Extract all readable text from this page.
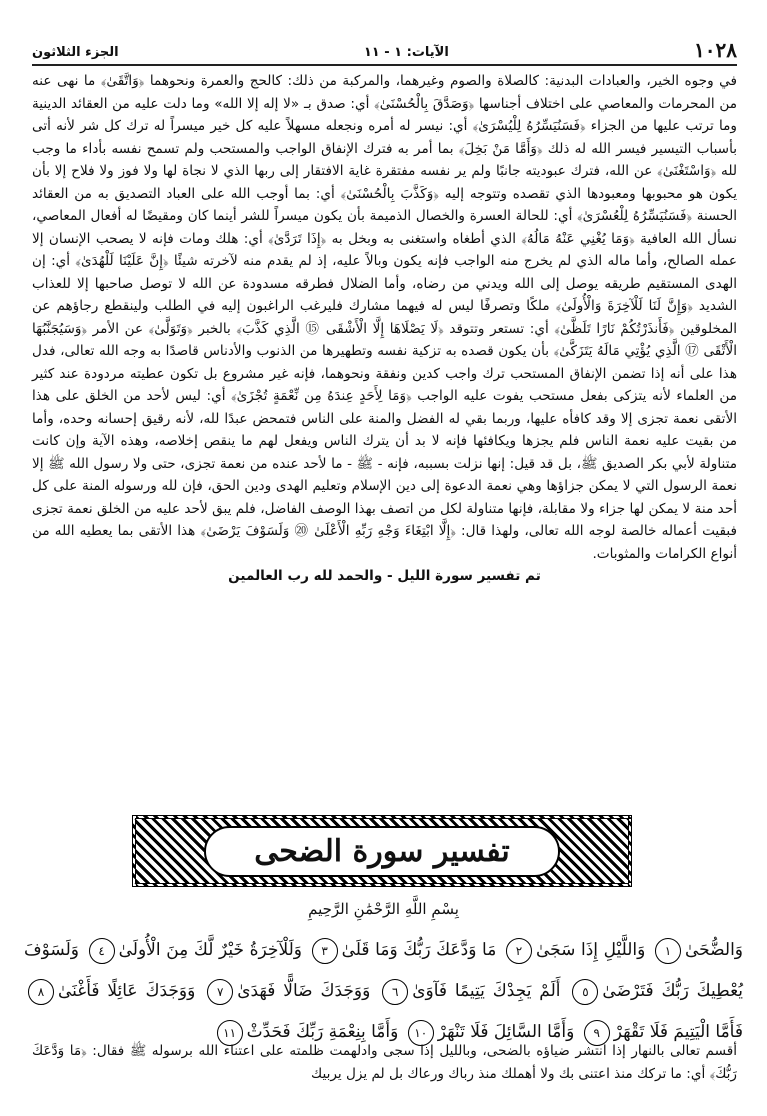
١٠٢٨
الآيات: ١ - ١١
الجزء الثلاثون

في وجوه الخير، والعبادات البدنية: كالصلاة والصوم وغيرهما، والمركبة من ذلك: كالحج والعمرة ونحوهما ﴿وَاتَّقَىٰ﴾ ما نهى عنه من المحرمات والمعاصي على اختلاف أجناسها ﴿وَصَدَّقَ بِالْحُسْنَىٰ﴾ أي: صدق بـ «لا إله إلا الله» وما دلت عليه من العقائد الدينية وما ترتب عليها من الجزاء ﴿فَسَنُيَسِّرُهُ لِلْيُسْرَىٰ﴾ أي: نيسر له أمره ونجعله مسهلاً عليه كل خير ميسراً له ترك كل شر لأنه أتى بأسباب التيسير فيسر الله له ذلك ﴿وَأَمَّا مَنْ بَخِلَ﴾ بما أمر به فترك الإنفاق الواجب والمستحب ولم تسمح نفسه بأداء ما وجب لله ﴿وَاسْتَغْنَىٰ﴾ عن الله، فترك عبوديته جانبًا ولم ير نفسه مفتقرة غاية الافتقار إلى ربها الذي لا نجاة لها ولا فوز ولا فلاح إلا بأن يكون هو محبوبها ومعبودها الذي تقصده وتتوجه إليه ﴿وَكَذَّبَ بِالْحُسْنَىٰ﴾ أي: بما أوجب الله على العباد التصديق به من العقائد الحسنة ﴿فَسَنُيَسِّرُهُ لِلْعُسْرَىٰ﴾ أي: للحالة العسرة والخصال الذميمة بأن يكون ميسراً للشر أينما كان ومقيضًا له أفعال المعاصي، نسأل الله العافية ﴿وَمَا يُغْنِي عَنْهُ مَالُهُ﴾ الذي أطغاه واستغنى به وبخل به ﴿إِذَا تَرَدَّىٰ﴾ أي: هلك ومات فإنه لا يصحب الإنسان إلا عمله الصالح، وأما ماله الذي لم يخرج منه الواجب فإنه يكون وبالاً عليه، إذ لم يقدم منه لآخرته شيئًا ﴿إِنَّ عَلَيْنَا لَلْهُدَىٰ﴾ أي: إن الهدى المستقيم طريقه يوصل إلى الله ويدني من رضاه، وأما الضلال فطرقه مسدودة عن الله لا توصل صاحبها إلا للعذاب الشديد ﴿وَإِنَّ لَنَا لَلْآخِرَةَ وَالْأُولَىٰ﴾ ملكًا وتصرفًا ليس له فيهما مشارك فليرغب الراغبون إليه في الطلب ولينقطع رجاؤهم عن المخلوقين ﴿فَأَنذَرْتُكُمْ نَارًا تَلَظَّىٰ﴾ أي: تستعر وتتوقد ﴿لَا يَصْلَاهَا إِلَّا الْأَشْقَى ⑮ الَّذِي كَذَّبَ﴾ بالخبر ﴿وَتَوَلَّىٰ﴾ عن الأمر ﴿وَسَيُجَنَّبُهَا الْأَتْقَى ⑰ الَّذِي يُؤْتِي مَالَهُ يَتَزَكَّىٰ﴾ بأن يكون قصده به تزكية نفسه وتطهيرها من الذنوب والأدناس قاصدًا به وجه الله تعالى، فدل هذا على أنه إذا تضمن الإنفاق المستحب ترك واجب كدين ونفقة ونحوهما، فإنه غير مشروع بل تكون عطيته مردودة عند كثير من العلماء لأنه يتزكى بفعل مستحب يفوت عليه الواجب ﴿وَمَا لِأَحَدٍ عِندَهُ مِن نِّعْمَةٍ تُجْزَىٰ﴾ أي: ليس لأحد من الخلق على هذا الأتقى نعمة تجزى إلا وقد كافأه عليها، وربما بقي له الفضل والمنة على الناس فتمحض عبدًا لله، لأنه رقيق إحسانه وحده، وأما من بقيت عليه نعمة الناس فلم يجزها ويكافئها فإنه لا بد أن يترك الناس ويفعل لهم ما ينقص إخلاصه، وهذه الآية وإن كانت متناولة لأبي بكر الصديق ﷺ، بل قد قيل: إنها نزلت بسببه، فإنه - ﷺ - ما لأحد عنده من نعمة تجزى، حتى ولا رسول الله ﷺ إلا نعمة الرسول التي لا يمكن جزاؤها وهي نعمة الدعوة إلى دين الإسلام وتعليم الهدى ودين الحق، فإن لله ورسوله المنة على كل أحد منة لا يمكن لها جزاء ولا مقابلة، فإنها متناولة لكل من اتصف بهذا الوصف الفاضل، فلم يبق لأحد عليه من الخلق نعمة تجزى فبقيت أعماله خالصة لوجه الله تعالى، ولهذا قال: ﴿إِلَّا ابْتِغَاءَ وَجْهِ رَبِّهِ الْأَعْلَىٰ ⑳ وَلَسَوْفَ يَرْضَىٰ﴾ هذا الأتقى بما يعطيه الله من أنواع الكرامات والمثوبات.

تم تفسير سورة الليل - والحمد لله رب العالمين

تفسير سورة الضحى
بِسْمِ اللَّهِ الرَّحْمَٰنِ الرَّحِيمِ
وَالضُّحَىٰ١ وَاللَّيْلِ إِذَا سَجَىٰ٢ مَا وَدَّعَكَ رَبُّكَ وَمَا قَلَىٰ٣ وَلَلْآخِرَةُ خَيْرٌ لَّكَ مِنَ الْأُولَىٰ٤ وَلَسَوْفَ يُعْطِيكَ رَبُّكَ فَتَرْضَىٰ٥ أَلَمْ يَجِدْكَ يَتِيمًا فَآوَىٰ٦ وَوَجَدَكَ ضَالًّا فَهَدَىٰ٧ وَوَجَدَكَ عَائِلًا فَأَغْنَىٰ٨ فَأَمَّا الْيَتِيمَ فَلَا تَقْهَرْ٩ وَأَمَّا السَّائِلَ فَلَا تَنْهَرْ١٠ وَأَمَّا بِنِعْمَةِ رَبِّكَ فَحَدِّثْ١١
أقسم تعالى بالنهار إذا انتشر ضياؤه بالضحى، وبالليل إذا سجى وادلهمت ظلمته على اعتناء الله برسوله ﷺ فقال: ﴿مَا وَدَّعَكَ رَبُّكَ﴾ أي: ما تركك منذ اعتنى بك ولا أهملك منذ رباك ورعاك بل لم يزل يربيك
